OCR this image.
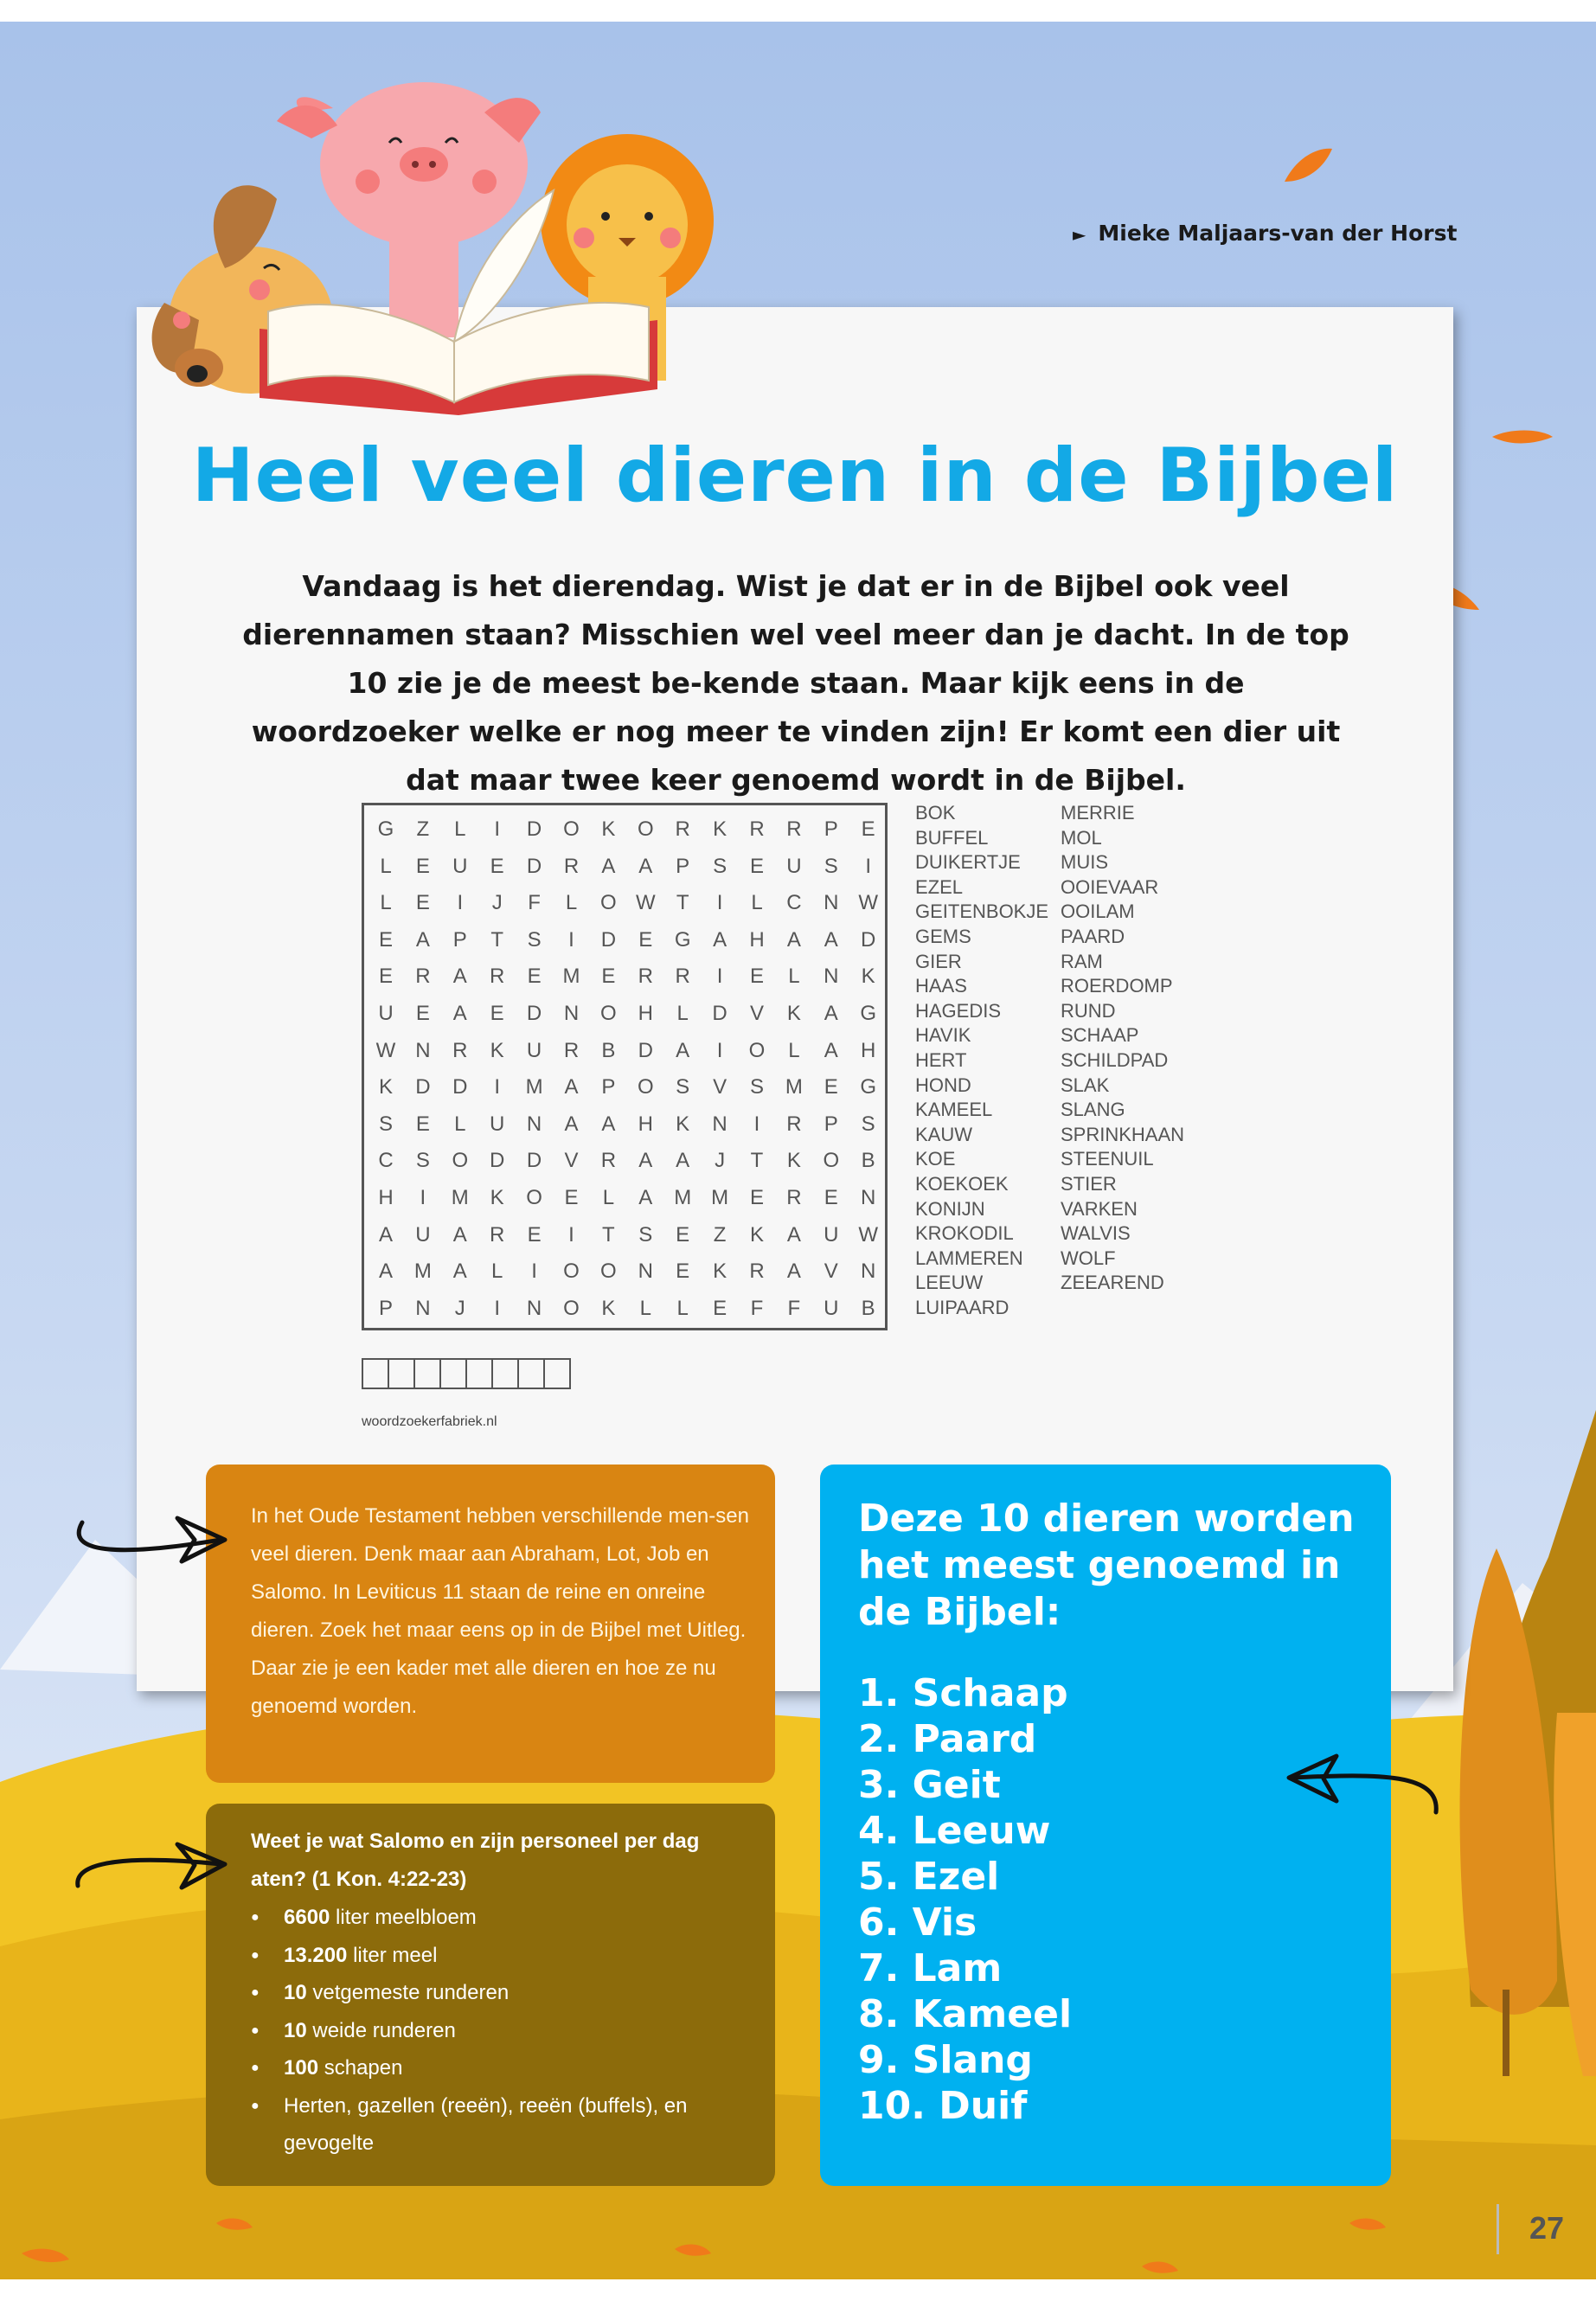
► Mieke Maljaars-van der Horst
Heel veel dieren in de Bijbel
Vandaag is het dierendag. Wist je dat er in de Bijbel ook veel dierennamen staan? Misschien wel veel meer dan je dacht. In de top 10 zie je de meest be-kende staan. Maar kijk eens in de woordzoeker welke er nog meer te vinden zijn! Er komt een dier uit dat maar twee keer genoemd wordt in de Bijbel.
G	Z	L	I	D O K O R K R R P E
L	E U E D R A A P S E U S	I
L	E	I	J	F	L	O W	T	I	L	C N W
E A P	T	S	I	D E G A H A A D
E R A R E M E R R	I	E	L	N K
U E A E D N O H	L	D V K A G
W N R K U R B D A	I	O	L	A H
K D D	I	M A P O S V S M E G
S E	L	U N A A H K N	I	R P S
C S O D D V R A A	J	T	K O B
H	I	M K O E	L	A M M E R E N
A U A R E	I	T	S E	Z	K A U W
A M A	L	I	O O N E K R A V N
P N	J	I	N O K	L	L	E	F	F	U B
BOK
BUFFEL
DUIKERTJE
EZEL
GEITENBOKJE
GEMS
GIER
HAAS
HAGEDIS
HAVIK
HERT
HOND
KAMEEL
KAUW
KOE
KOEKOEK
KONIJN
KROKODIL
LAMMEREN
LEEUW
LUIPAARD
MERRIE
MOL
MUIS
OOIEVAAR
OOILAM
PAARD
RAM
ROERDOMP
RUND
SCHAAP
SCHILDPAD
SLAK
SLANG
SPRINKHAAN
STEENUIL
STIER
VARKEN
WALVIS
WOLF
ZEEAREND
woordzoekerfabriek.nl

In het Oude Testament hebben verschillende men-sen veel dieren. Denk maar aan Abraham, Lot, Job en Salomo. In Leviticus 11 staan de reine en onreine dieren. Zoek het maar eens op in de Bijbel met Uitleg. Daar zie je een kader met alle dieren en hoe ze nu genoemd worden.

Weet je wat Salomo en zijn personeel per dag aten? (1 Kon. 4:22-23)
● 6600 liter meelbloem
● 13.200 liter meel
● 10 vetgemeste runderen
● 10 weide runderen
● 100 schapen
● Herten, gazellen (reeën), reeën (buffels), en gevogelte
Deze 10 dieren worden het meest genoemd in de Bijbel:
1. Schaap
2. Paard
3. Geit
4. Leeuw
5. Ezel
6. Vis
7. Lam
8. Kameel
9. Slang
10. Duif
27
